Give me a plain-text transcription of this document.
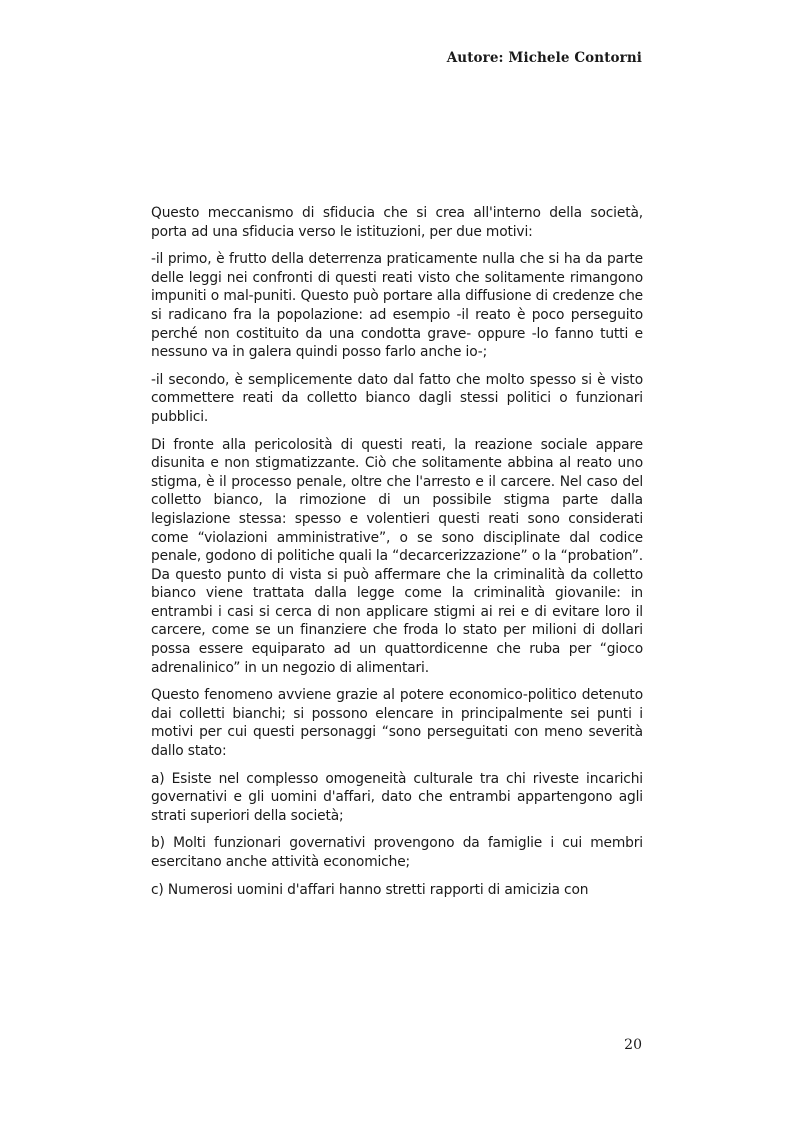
Autore: Michele Contorni

Questo meccanismo di sfiducia che si crea all'interno della società, porta ad una sfiducia verso le istituzioni, per due motivi:

-il primo, è frutto della deterrenza praticamente nulla che si ha da parte delle leggi nei confronti di questi reati visto che solitamente rimangono impuniti o mal-puniti. Questo può portare alla diffusione di credenze che si radicano fra la popolazione: ad esempio -il reato è poco perseguito perché non costituito da una condotta grave- oppure -lo fanno tutti e nessuno va in galera quindi posso farlo anche io-;

-il secondo, è semplicemente dato dal fatto che molto spesso si è visto commettere reati da colletto bianco dagli stessi politici o funzionari pubblici.

Di fronte alla pericolosità di questi reati, la reazione sociale appare disunita e non stigmatizzante. Ciò che solitamente abbina al reato uno stigma, è il processo penale, oltre che l'arresto e il carcere. Nel caso del colletto bianco, la rimozione di un possibile stigma parte dalla legislazione stessa: spesso e volentieri questi reati sono considerati come “violazioni amministrative”, o se sono disciplinate dal codice penale, godono di politiche quali la “decarcerizzazione” o la “probation”. Da questo punto di vista si può affermare che la criminalità da colletto bianco viene trattata dalla legge come la criminalità giovanile: in entrambi i casi si cerca di non applicare stigmi ai rei e di evitare loro il carcere, come se un finanziere che froda lo stato per milioni di dollari possa essere equiparato ad un quattordicenne che ruba per “gioco adrenalinico” in un negozio di alimentari.

Questo fenomeno avviene grazie al potere economico-politico detenuto dai colletti bianchi; si possono elencare in principalmente sei punti i motivi per cui questi personaggi “sono perseguitati con meno severità dallo stato:

a) Esiste nel complesso omogeneità culturale tra chi riveste incarichi governativi e gli uomini d'affari, dato che entrambi appartengono agli strati superiori della società;

b) Molti funzionari governativi provengono da famiglie i cui membri esercitano anche attività economiche;

c) Numerosi uomini d'affari hanno stretti rapporti di amicizia con

20
